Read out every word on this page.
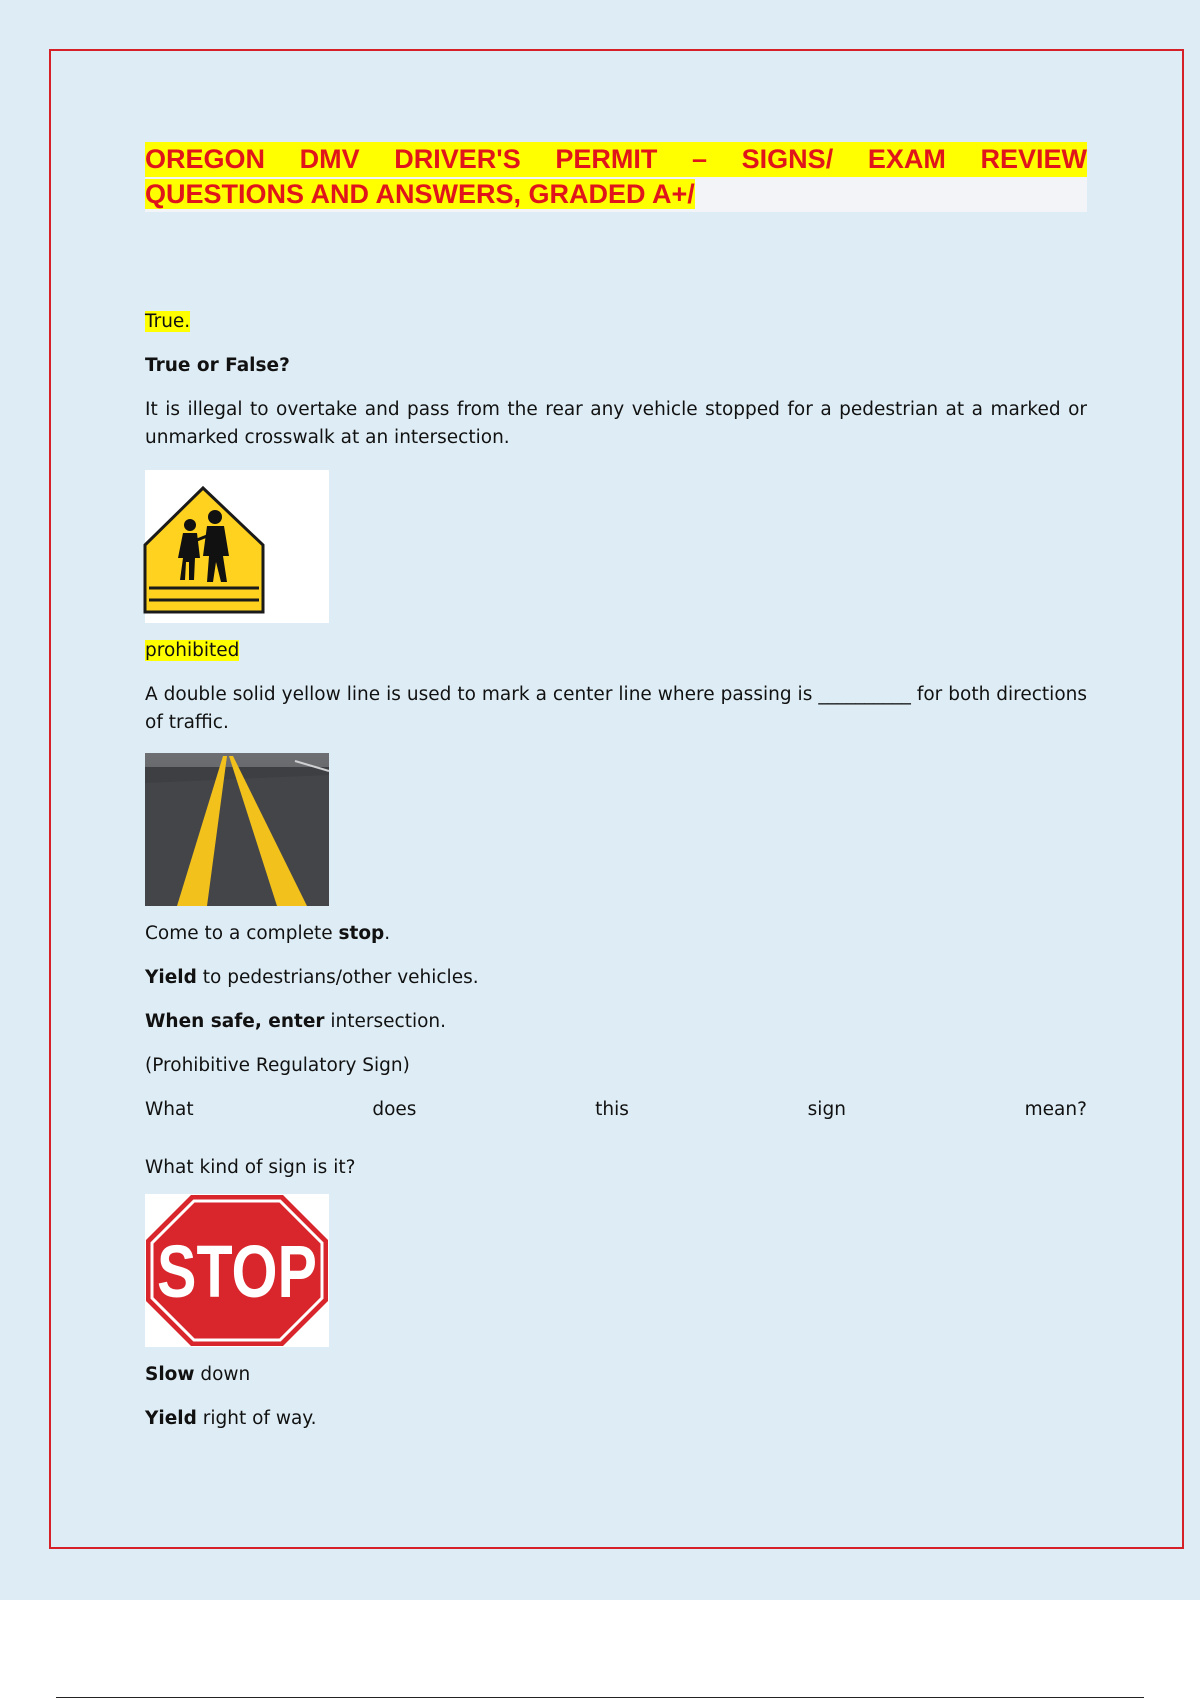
OREGON DMV DRIVER'S PERMIT – SIGNS/ EXAM REVIEW
QUESTIONS AND ANSWERS, GRADED A+/

True.

True or False?

It is illegal to overtake and pass from the rear any vehicle stopped for a pedestrian at a marked or unmarked crosswalk at an intersection.

prohibited

A double solid yellow line is used to mark a center line where passing is __________ for both directions of traffic.

Come to a complete stop.

Yield to pedestrians/other vehicles.

When safe, enter intersection.

(Prohibitive Regulatory Sign)

What	does	this	sign	mean?

What kind of sign is it?

STOP

Slow down

Yield right of way.
